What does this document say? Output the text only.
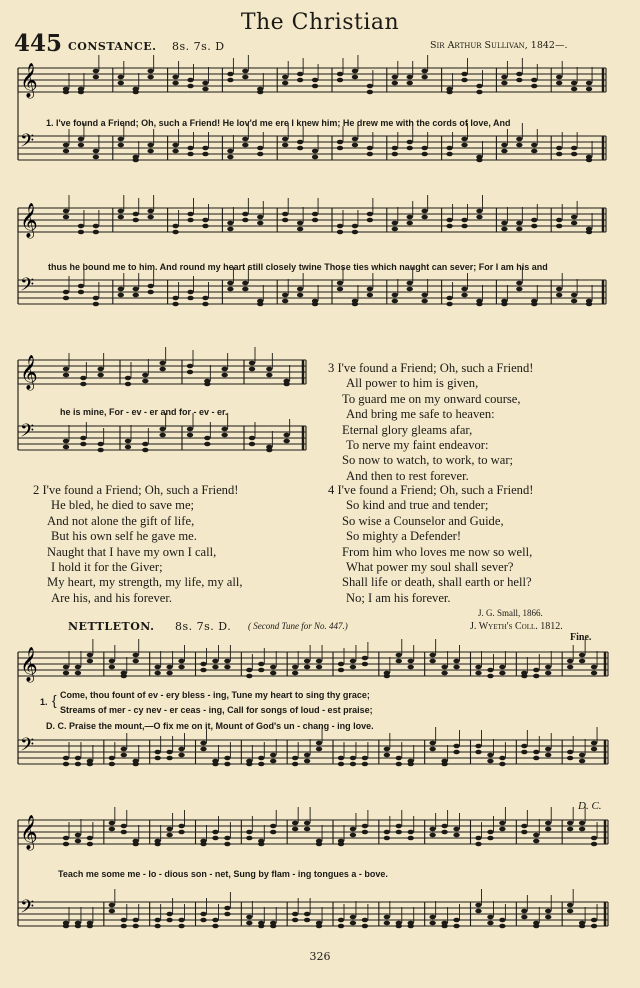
The Christian
445 CONSTANCE. 8s. 7s. D	Sir Arthur Sullivan, 1842—.
𝄞
𝄢
1. I've found a Friend; Oh, such a Friend! He lov'd me ere I knew him; He drew me with the cords of love, And
𝄞
𝄢
thus he bound me to him. And round my heart still closely twine Those ties which naught can sever; For I am his and
𝄞
𝄢
he is mine, For - ev - er and for - ev - er.
3 I've found a Friend; Oh, such a Friend!
All power to him is given,
To guard me on my onward course,
And bring me safe to heaven:
Eternal glory gleams afar,
To nerve my faint endeavor:
So now to watch, to work, to war;
And then to rest forever.
2 I've found a Friend; Oh, such a Friend!
He bled, he died to save me;
And not alone the gift of life,
But his own self he gave me.
Naught that I have my own I call,
I hold it for the Giver;
My heart, my strength, my life, my all,
Are his, and his forever.
4 I've found a Friend; Oh, such a Friend!
So kind and true and tender;
So wise a Counselor and Guide,
So mighty a Defender!
From him who loves me now so well,
What power my soul shall sever?
Shall life or death, shall earth or hell?
No; I am his forever.
J. G. Small, 1866.
NETTLETON. 8s. 7s. D. ( Second Tune for No. 447.)	J. Wyeth's Coll. 1812.
Fine.
𝄞
𝄢
1. { Come, thou fount of ev - ery bless - ing, Tune my heart to sing thy grace;
Streams of mer - cy nev - er ceas - ing, Call for songs of loud - est praise;
D. C. Praise the mount,—O fix me on it, Mount of God's un - chang - ing love.
D. C.
𝄞
𝄢
Teach me some me - lo - dious son - net, Sung by flam - ing tongues a - bove.
326
